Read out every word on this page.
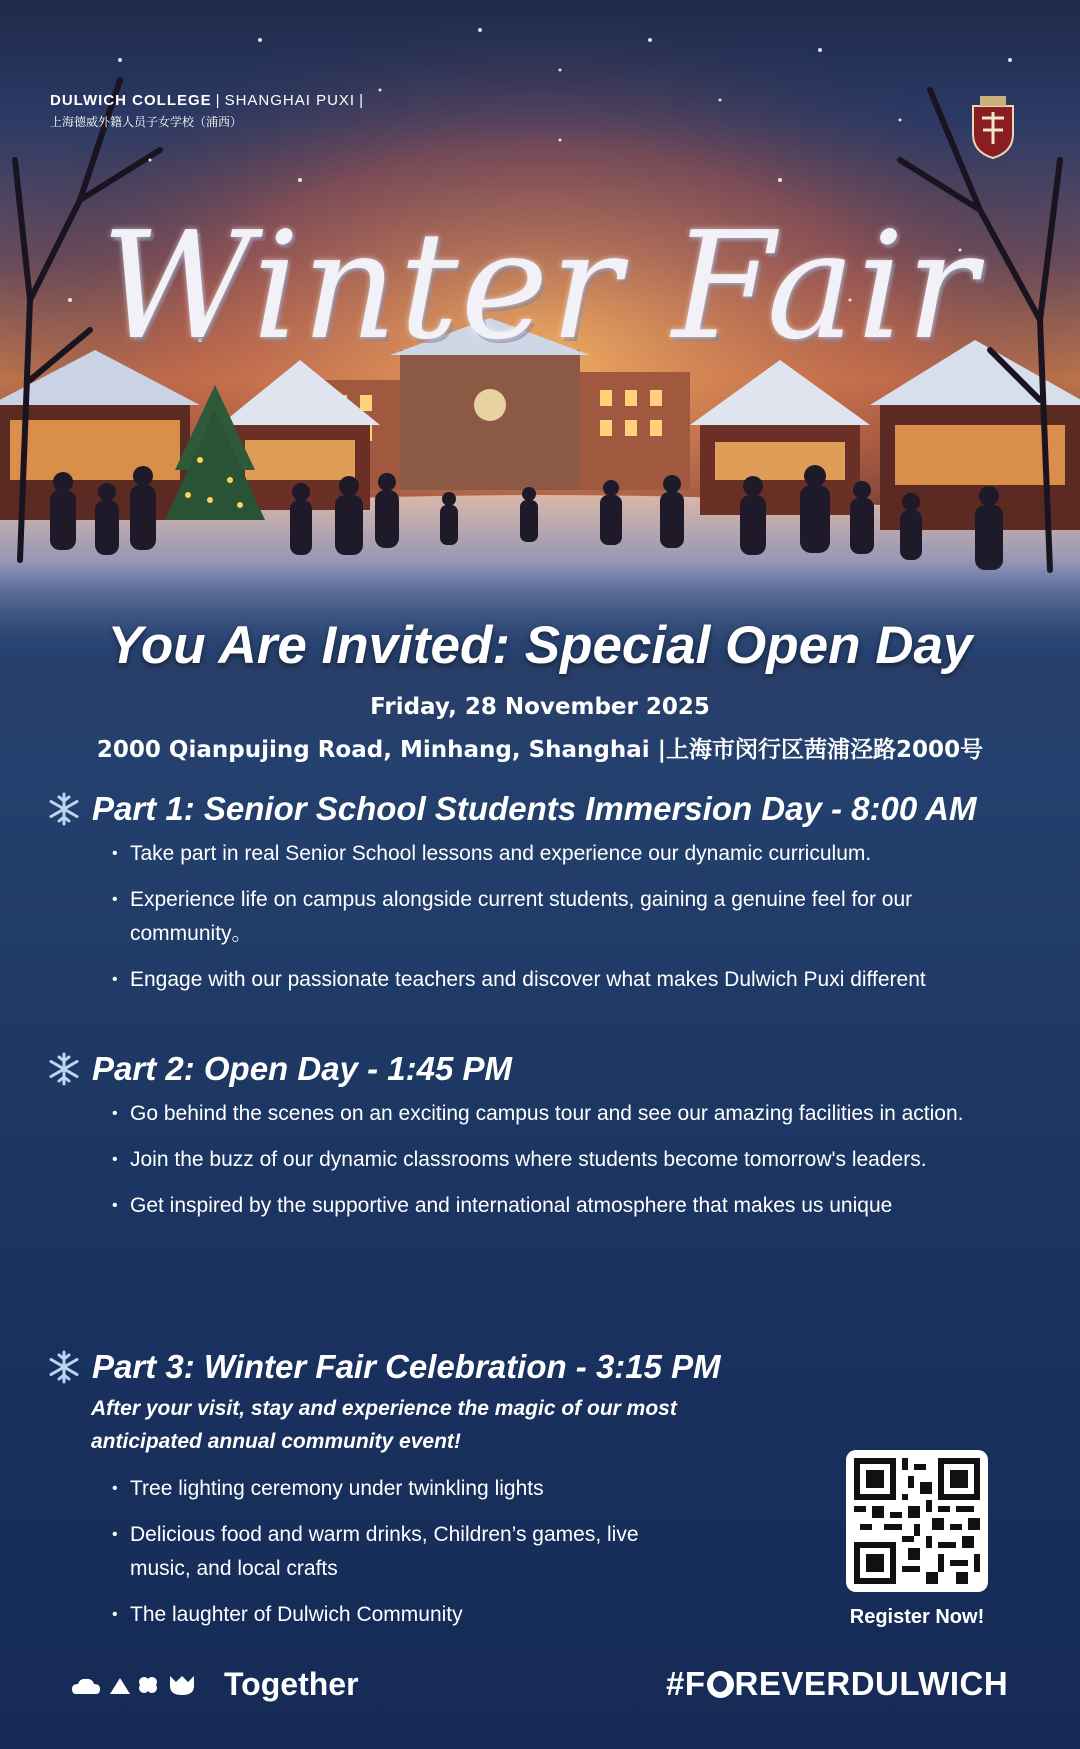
DULWICH COLLEGE | SHANGHAI PUXI |
上海德威外籍人员子女学校（浦西）
Winter Fair
You Are Invited: Special Open Day
Friday, 28 November 2025
2000 Qianpujing Road, Minhang, Shanghai |上海市闵行区茜浦泾路2000号
Part 1: Senior School Students Immersion Day - 8:00 AM
• Take part in real Senior School lessons and experience our dynamic curriculum.
• Experience life on campus alongside current students, gaining a genuine feel for our community。
• Engage with our passionate teachers and discover what makes Dulwich Puxi different
Part 2: Open Day - 1:45 PM
• Go behind the scenes on an exciting campus tour and see our amazing facilities in action.
• Join the buzz of our dynamic classrooms where students become tomorrow's leaders.
• Get inspired by the supportive and international atmosphere that makes us unique
Part 3: Winter Fair Celebration - 3:15 PM
After your visit, stay and experience the magic of our most anticipated annual community event!
• Tree lighting ceremony under twinkling lights
• Delicious food and warm drinks, Children’s games, live music, and local crafts
• The laughter of Dulwich Community	Register Now!
Together	#F REVERDULWICH
